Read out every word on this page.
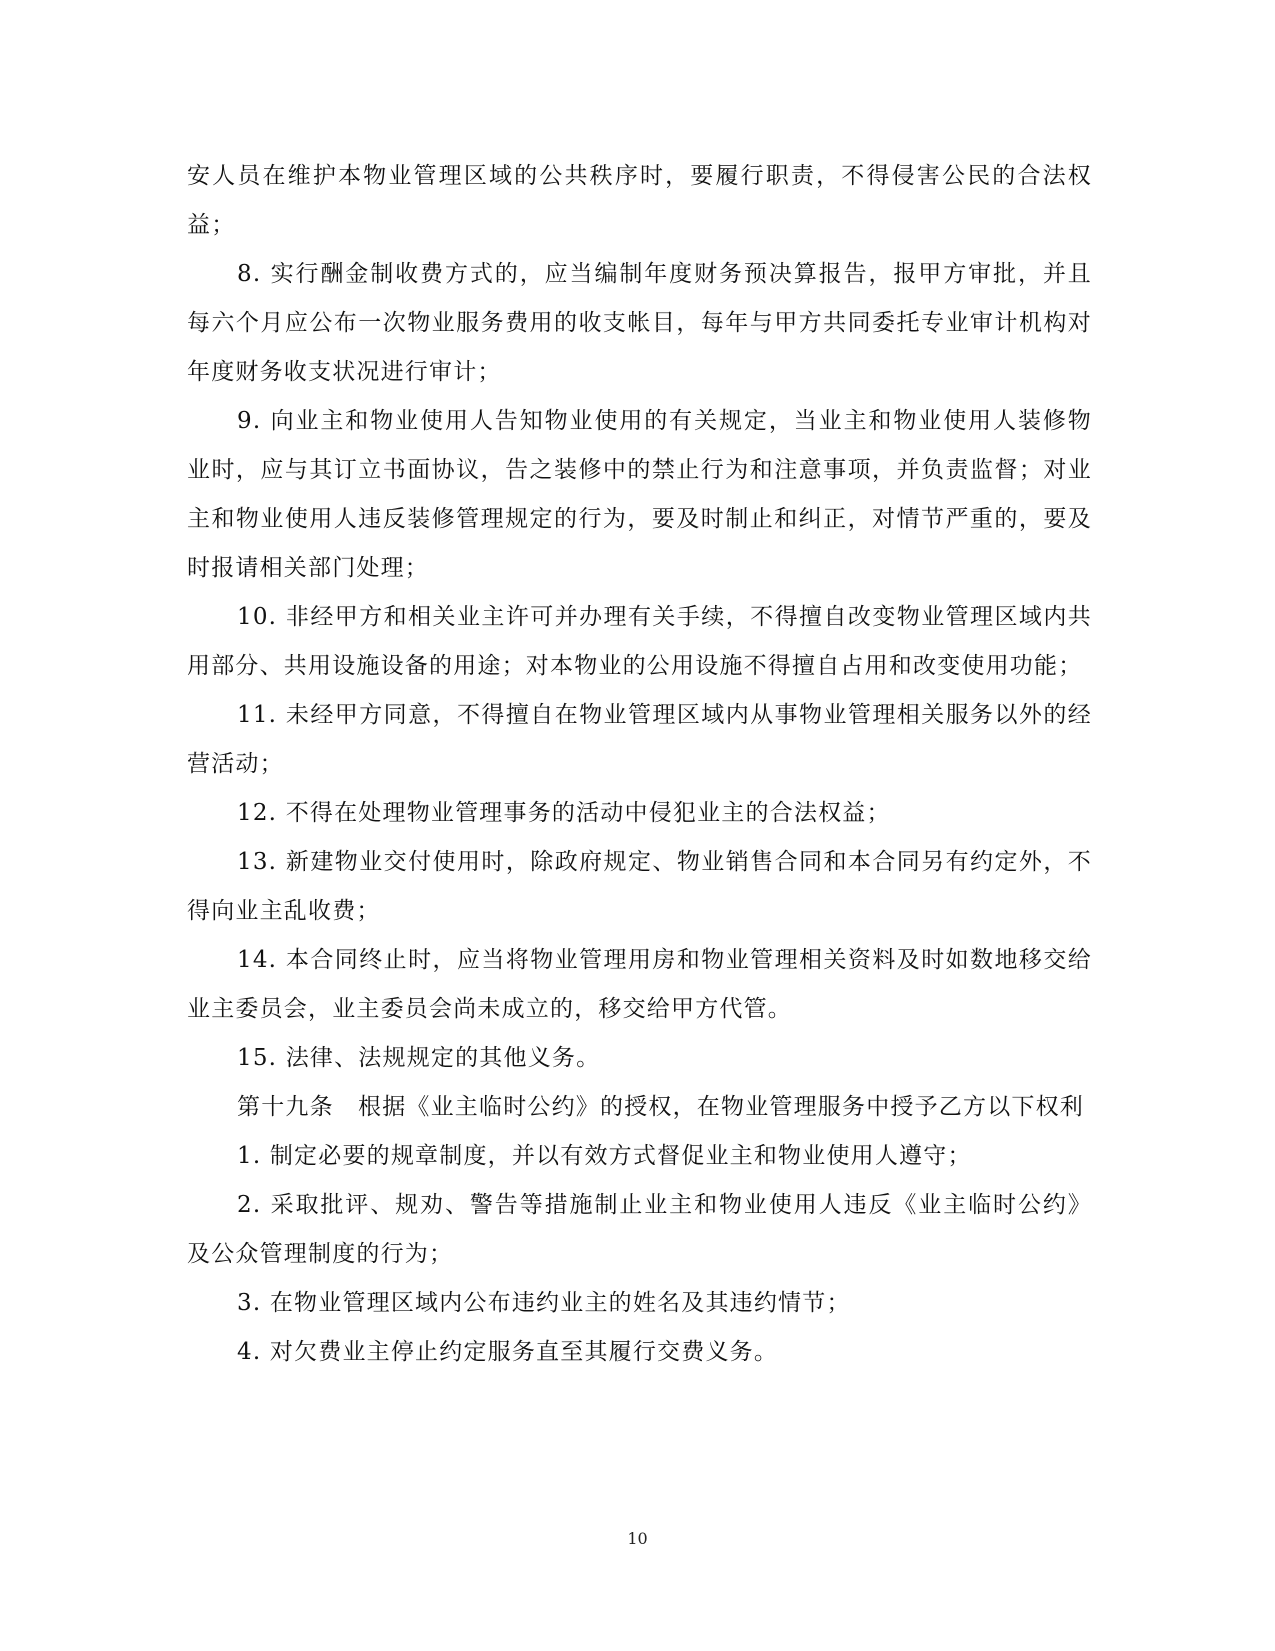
安人员在维护本物业管理区域的公共秩序时，要履行职责，不得侵害公民的合法权益；

8. 实行酬金制收费方式的，应当编制年度财务预决算报告，报甲方审批，并且每六个月应公布一次物业服务费用的收支帐目，每年与甲方共同委托专业审计机构对年度财务收支状况进行审计；

9. 向业主和物业使用人告知物业使用的有关规定，当业主和物业使用人装修物业时，应与其订立书面协议，告之装修中的禁止行为和注意事项，并负责监督；对业主和物业使用人违反装修管理规定的行为，要及时制止和纠正，对情节严重的，要及时报请相关部门处理；

10. 非经甲方和相关业主许可并办理有关手续，不得擅自改变物业管理区域内共用部分、共用设施设备的用途；对本物业的公用设施不得擅自占用和改变使用功能；

11. 未经甲方同意，不得擅自在物业管理区域内从事物业管理相关服务以外的经营活动；

12. 不得在处理物业管理事务的活动中侵犯业主的合法权益；

13. 新建物业交付使用时，除政府规定、物业销售合同和本合同另有约定外，不得向业主乱收费；

14. 本合同终止时，应当将物业管理用房和物业管理相关资料及时如数地移交给业主委员会，业主委员会尚未成立的，移交给甲方代管。

15. 法律、法规规定的其他义务。

第十九条　根据《业主临时公约》的授权，在物业管理服务中授予乙方以下权利

1. 制定必要的规章制度，并以有效方式督促业主和物业使用人遵守；

2. 采取批评、规劝、警告等措施制止业主和物业使用人违反《业主临时公约》及公众管理制度的行为；

3. 在物业管理区域内公布违约业主的姓名及其违约情节；

4. 对欠费业主停止约定服务直至其履行交费义务。

10
